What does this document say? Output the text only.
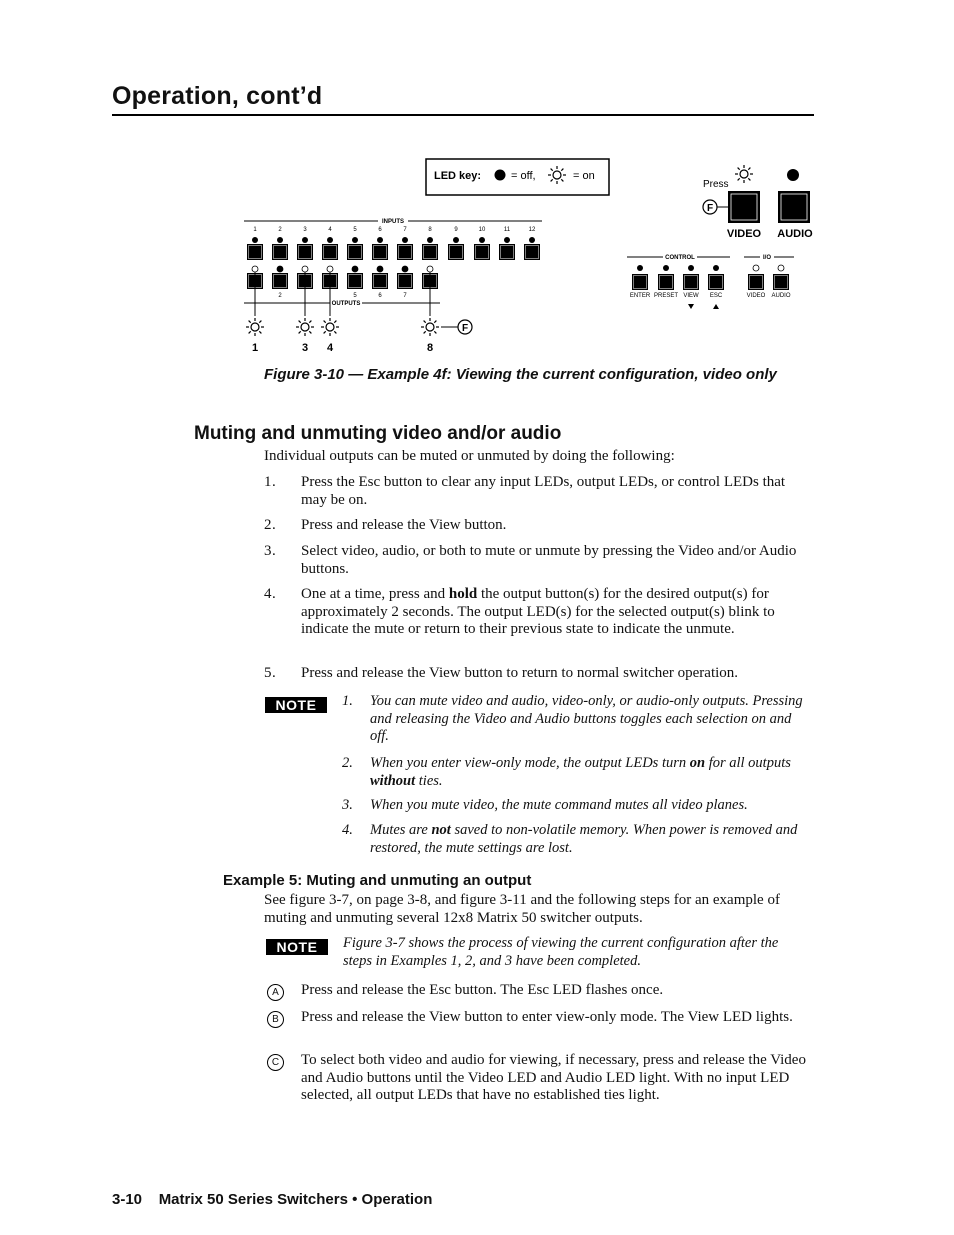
Operation, cont’d
LED key:	= off,	= on
INPUTS
1	2	3	4	5	6	7	8	9	10	11	12
2	5	6	7
OUTPUTS
1	3 4	8
F
CONTROL	I/O
ENTER PRESET VIEW ESC	VIDEO AUDIO
Press
F
VIDEO AUDIO
Figure 3-10 — Example 4f: Viewing the current configuration, video only
Muting and unmuting video and/or audio
Individual outputs can be muted or unmuted by doing the following:
1 . Press the Esc button to clear any input LEDs, output LEDs, or control LEDs that may be on.
2 . Press and release the View button.
3 . Select video, audio, or both to mute or unmute by pressing the Video and/or Audio buttons.
4 . One at a time, press and hold the output button(s) for the desired output(s) for approximately 2 seconds. The output LED(s) for the selected output(s) blink to indicate the mute or return to their previous state to indicate the unmute.
5 . Press and release the View button to return to normal switcher operation.
NOTE	1. You can mute video and audio, video-only, or audio-only outputs. Pressing and releasing the Video and Audio buttons toggles each selection on and off.
2. When you enter view-only mode, the output LEDs turn on for all outputs without ties.
3. When you mute video, the mute command mutes all video planes.
4. Mutes are not saved to non-volatile memory. When power is removed and restored, the mute settings are lost.
Example 5: Muting and unmuting an output
See figure 3-7, on page 3-8, and figure 3-11 and the following steps for an example of muting and unmuting several 12x8 Matrix 50 switcher outputs.
NOTE	Figure 3-7 shows the process of viewing the current configuration after the steps in Examples 1, 2, and 3 have been completed.
A	Press and release the Esc button. The Esc LED flashes once.
B	Press and release the View button to enter view-only mode. The View LED lights.
C	To select both video and audio for viewing, if necessary, press and release the Video and Audio buttons until the Video LED and Audio LED light. With no input LED selected, all output LEDs that have no established ties light.
3-10    Matrix 50 Series Switchers • Operation
